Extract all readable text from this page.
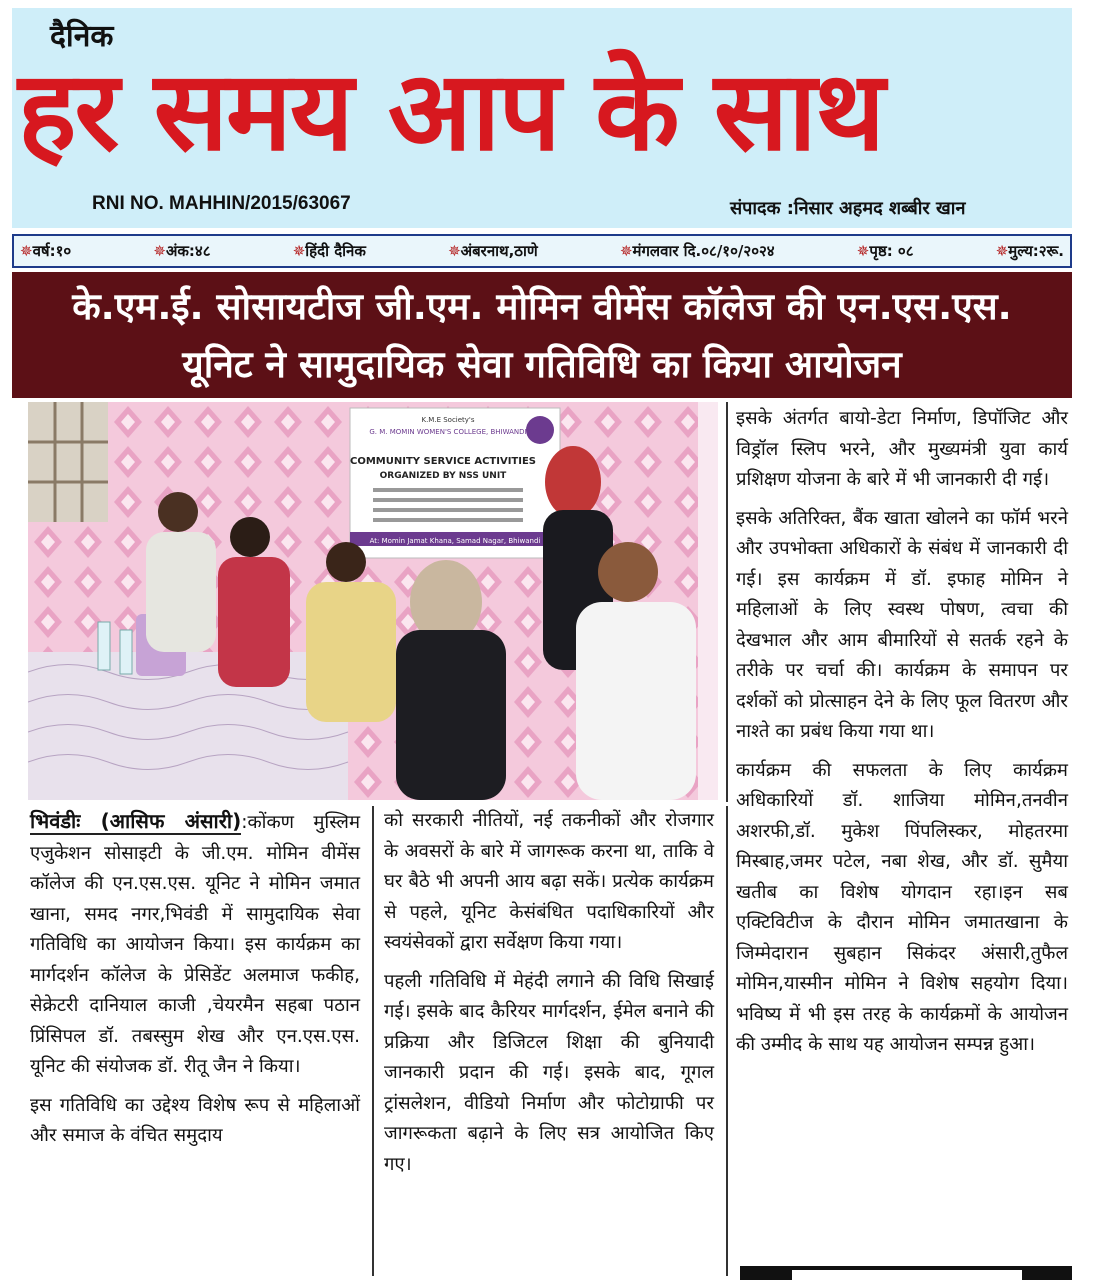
दैनिक
हर समय आप के साथ
RNI NO. MAHHIN/2015/63067	संपादक :निसार अहमद शब्बीर खान
✵ वर्ष:१०	✵ अंक:४८	✵ हिंदी दैनिक	✵ अंबरनाथ,ठाणे	✵ मंगलवार दि.०८/१०/२०२४	✵ पृष्ठ: ०८	✵ मुल्य:२रू.
के.एम.ई. सोसायटीज जी.एम. मोमिन वीमेंस कॉलेज की एन.एस.एस.
यूनिट ने सामुदायिक सेवा गतिविधि का किया आयोजन
K.M.E Society's
G. M. MOMIN WOMEN'S COLLEGE, BHIWANDI
COMMUNITY SERVICE ACTIVITIES
ORGANIZED BY NSS UNIT
At: Momin Jamat Khana, Samad Nagar, Bhiwandi

इसके अंतर्गत बायो-डेटा निर्माण, डिपॉजिट और विड्रॉल स्लिप भरने, और मुख्यमंत्री युवा कार्य प्रशिक्षण योजना के बारे में भी जानकारी दी गई।

इसके अतिरिक्त, बैंक खाता खोलने का फॉर्म भरने और उपभोक्ता अधिकारों के संबंध में जानकारी दी गई। इस कार्यक्रम में डॉ. इफाह मोमिन ने महिलाओं के लिए स्वस्थ पोषण, त्वचा की देखभाल और आम बीमारियों से सतर्क रहने के तरीके पर चर्चा की। कार्यक्रम के समापन पर दर्शकों को प्रोत्साहन देने के लिए फूल वितरण और नाश्ते का प्रबंध किया गया था।

कार्यक्रम की सफलता के लिए कार्यक्रम अधिकारियों डॉ. शाजिया मोमिन,तनवीन अशरफी,डॉ. मुकेश पिंपलिस्कर, मोहतरमा मिस्बाह,जमर पटेल, नबा शेख, और डॉ. सुमैया खतीब का विशेष योगदान रहा।इन सब एक्टिविटीज के दौरान मोमिन जमातखाना के जिम्मेदारान सुबहान सिकंदर अंसारी,तुफैल मोमिन,यास्मीन मोमिन ने विशेष सहयोग दिया।भविष्य में भी इस तरह के कार्यक्रमों के आयोजन की उम्मीद के साथ यह आयोजन सम्पन्न हुआ।

भिवंडीः (आसिफ अंसारी):कोंकण मुस्लिम एजुकेशन सोसाइटी के जी.एम. मोमिन वीमेंस कॉलेज की एन.एस.एस. यूनिट ने मोमिन जमात खाना, समद नगर,भिवंडी में सामुदायिक सेवा गतिविधि का आयोजन किया। इस कार्यक्रम का मार्गदर्शन कॉलेज के प्रेसिडेंट अलमाज फकीह, सेक्रेटरी दानियाल काजी ,चेयरमैन सहबा पठान प्रिंसिपल डॉ. तबस्सुम शेख और एन.एस.एस. यूनिट की संयोजक डॉ. रीतू जैन ने किया।

इस गतिविधि का उद्देश्य विशेष रूप से महिलाओं और समाज के वंचित समुदाय

को सरकारी नीतियों, नई तकनीकों और रोजगार के अवसरों के बारे में जागरूक करना था, ताकि वे घर बैठे भी अपनी आय बढ़ा सकें। प्रत्येक कार्यक्रम से पहले, यूनिट केसंबंधित पदाधिकारियों और स्वयंसेवकों द्वारा सर्वेक्षण किया गया।

पहली गतिविधि में मेहंदी लगाने की विधि सिखाई गई। इसके बाद कैरियर मार्गदर्शन, ईमेल बनाने की प्रक्रिया और डिजिटल शिक्षा की बुनियादी जानकारी प्रदान की गई। इसके बाद, गूगल ट्रांसलेशन, वीडियो निर्माण और फोटोग्राफी पर जागरूकता बढ़ाने के लिए सत्र आयोजित किए गए।
